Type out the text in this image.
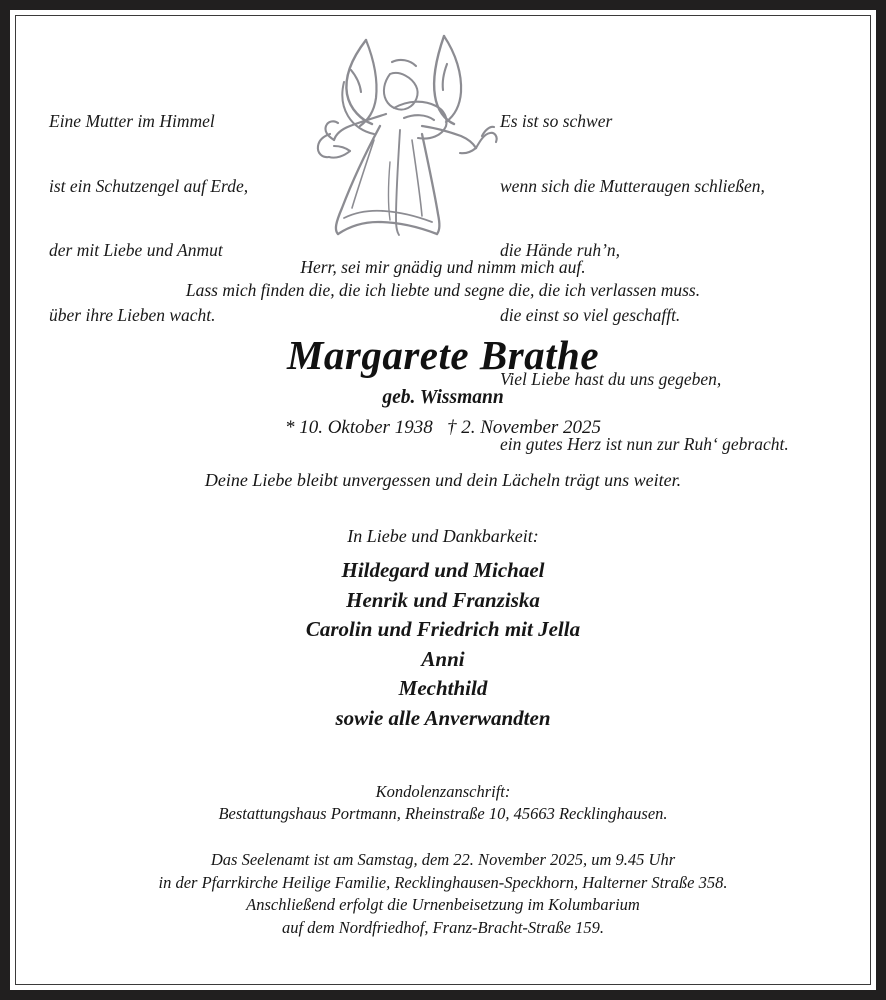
Eine Mutter im Himmel

ist ein Schutzengel auf Erde,

der mit Liebe und Anmut

über ihre Lieben wacht.

Es ist so schwer

wenn sich die Mutteraugen schließen,

die Hände ruh’n,

die einst so viel geschafft.

Viel Liebe hast du uns gegeben,

ein gutes Herz ist nun zur Ruh‘ gebracht.

Herr, sei mir gnädig und nimm mich auf.
Lass mich finden die, die ich liebte und segne die, die ich verlassen muss.
Margarete Brathe
geb. Wissmann
* 10. Oktober 1938   † 2. November 2025
Deine Liebe bleibt unvergessen und dein Lächeln trägt uns weiter.
In Liebe und Dankbarkeit:
Hildegard und Michael
Henrik und Franziska
Carolin und Friedrich mit Jella
Anni
Mechthild
sowie alle Anverwandten
Kondolenzanschrift:
Bestattungshaus Portmann, Rheinstraße 10, 45663 Recklinghausen.
Das Seelenamt ist am Samstag, dem 22. November 2025, um 9.45 Uhr
in der Pfarrkirche Heilige Familie, Recklinghausen-Speckhorn, Halterner Straße 358.
Anschließend erfolgt die Urnenbeisetzung im Kolumbarium
auf dem Nordfriedhof, Franz-Bracht-Straße 159.
